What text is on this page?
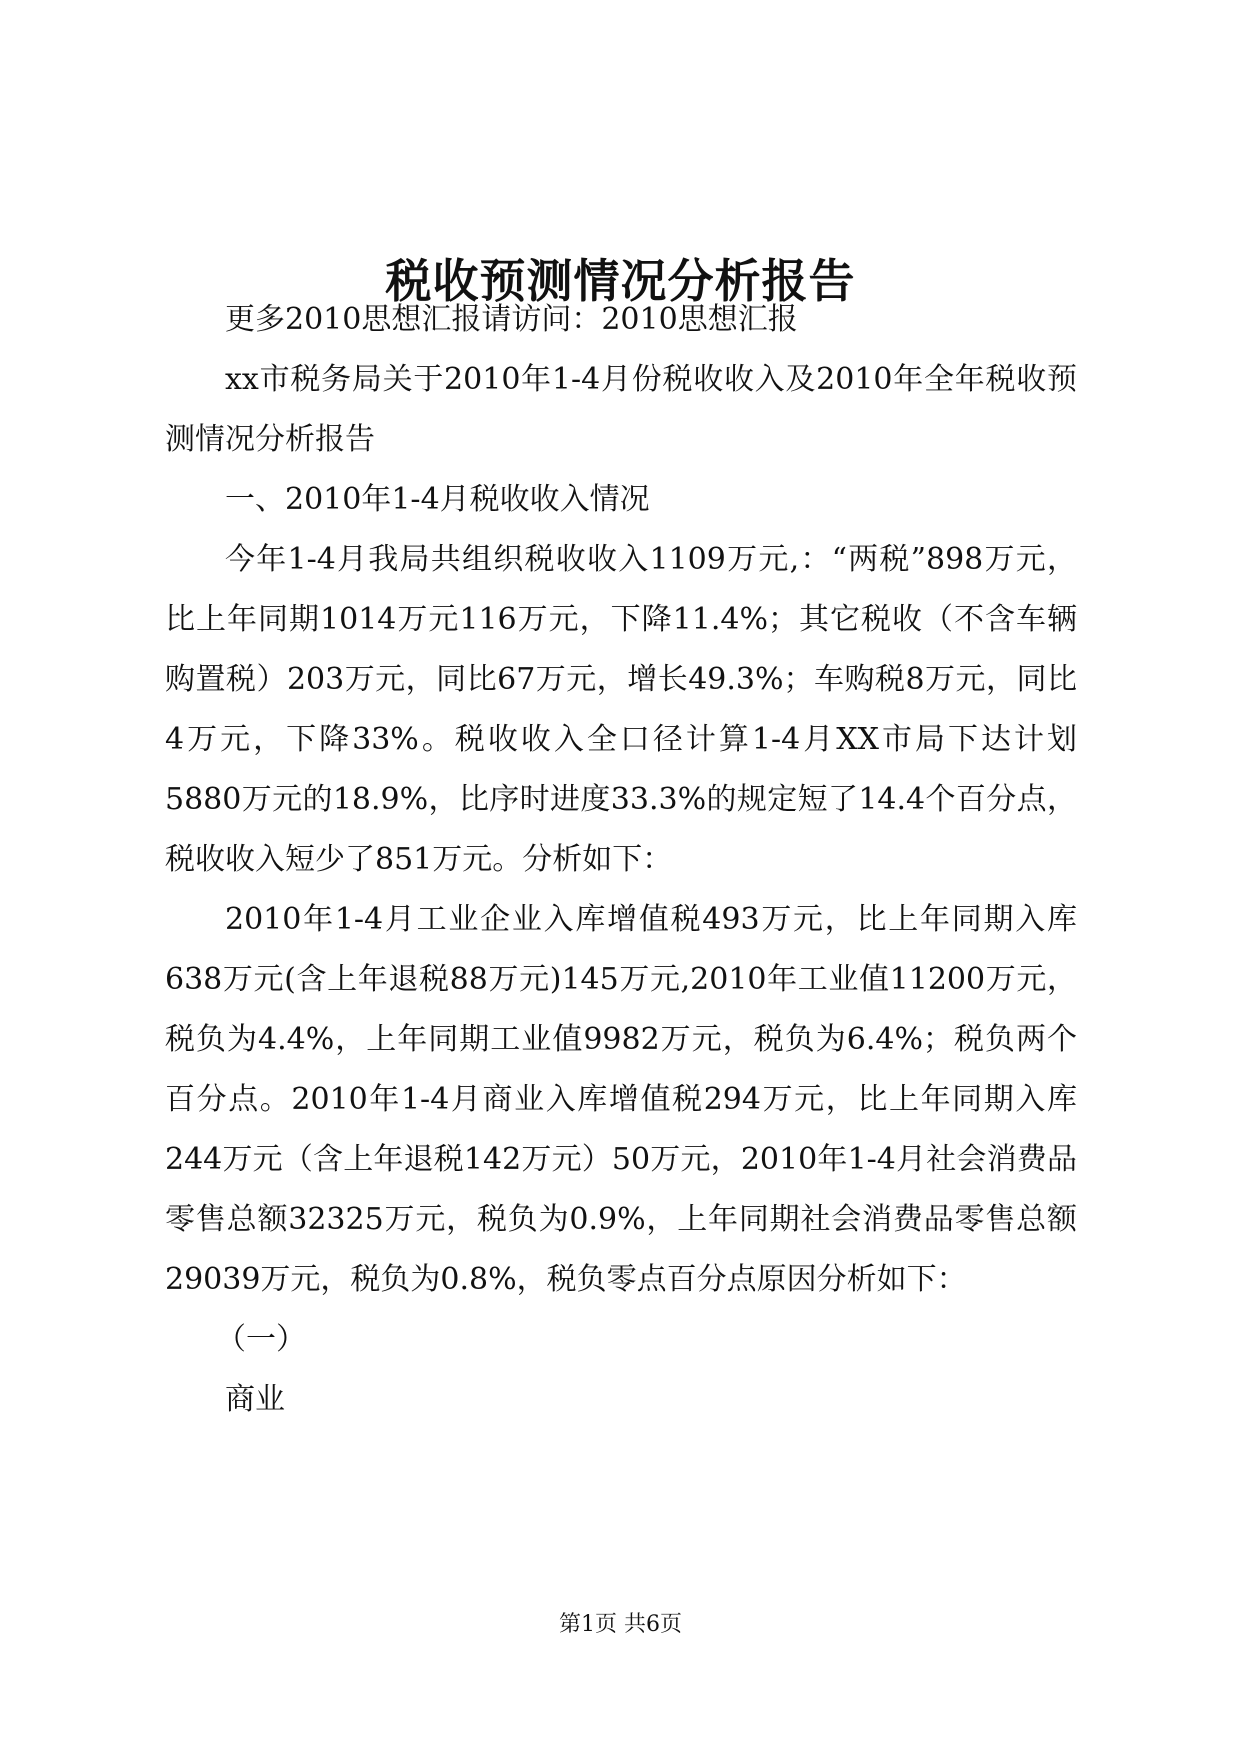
税收预测情况分析报告

更多2010思想汇报请访问：2010思想汇报

xx市税务局关于2010年1-4月份税收收入及2010年全年税收预测情况分析报告

一、2010年1-4月税收收入情况

今年1-4月我局共组织税收收入1109万元,：“两税”898万元，比上年同期1014万元116万元，下降11.4%；其它税收（不含车辆购置税）203万元，同比67万元，增长49.3%；车购税8万元，同比4万元，下降33%。税收收入全口径计算1-4月XX市局下达计划5880万元的18.9%，比序时进度33.3%的规定短了14.4个百分点，税收收入短少了851万元。分析如下：

2010年1-4月工业企业入库增值税493万元，比上年同期入库638万元(含上年退税88万元)145万元,2010年工业值11200万元，税负为4.4%，上年同期工业值9982万元，税负为6.4%；税负两个百分点。2010年1-4月商业入库增值税294万元，比上年同期入库244万元（含上年退税142万元）50万元，2010年1-4月社会消费品零售总额32325万元，税负为0.9%，上年同期社会消费品零售总额29039万元，税负为0.8%，税负零点百分点原因分析如下：

（一）

商业

第1页 共6页
